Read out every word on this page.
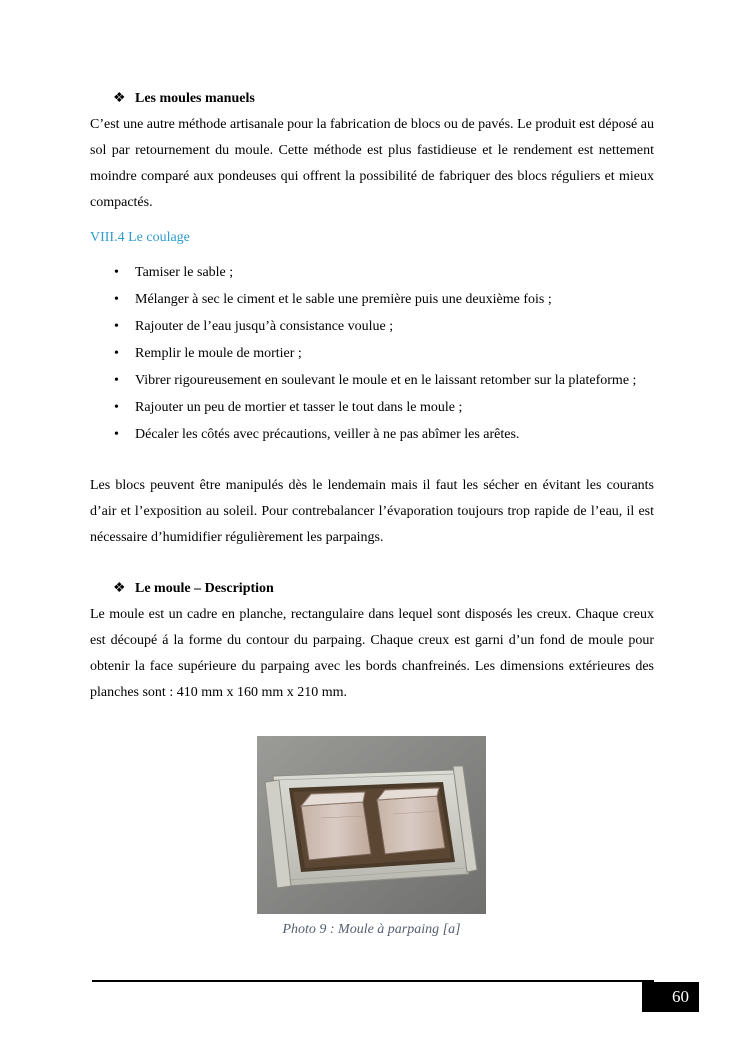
❖ Les moules manuels
C’est une autre méthode artisanale pour la fabrication de blocs ou de pavés. Le produit est déposé au sol par retournement du moule. Cette méthode est plus fastidieuse et le rendement est nettement moindre comparé aux pondeuses qui offrent la possibilité de fabriquer des blocs réguliers et mieux compactés.
VIII.4 Le coulage
• Tamiser le sable ;
• Mélanger à sec le ciment et le sable une première puis une deuxième fois ;
• Rajouter de l’eau jusqu’à consistance voulue ;
• Remplir le moule de mortier ;
• Vibrer rigoureusement en soulevant le moule et en le laissant retomber sur la plateforme ;
• Rajouter un peu de mortier et tasser le tout dans le moule ;
• Décaler les côtés avec précautions, veiller à ne pas abîmer les arêtes.
Les blocs peuvent être manipulés dès le lendemain mais il faut les sécher en évitant les courants d’air et l’exposition au soleil. Pour contrebalancer l’évaporation toujours trop rapide de l’eau, il est nécessaire d’humidifier régulièrement les parpaings.
❖ Le moule – Description
Le moule est un cadre en planche, rectangulaire dans lequel sont disposés les creux. Chaque creux est découpé á la forme du contour du parpaing. Chaque creux est garni d’un fond de moule pour obtenir la face supérieure du parpaing avec les bords chanfreinés. Les dimensions extérieures des planches sont : 410 mm x 160 mm x 210 mm.
Photo 9 : Moule à parpaing [a]
60
